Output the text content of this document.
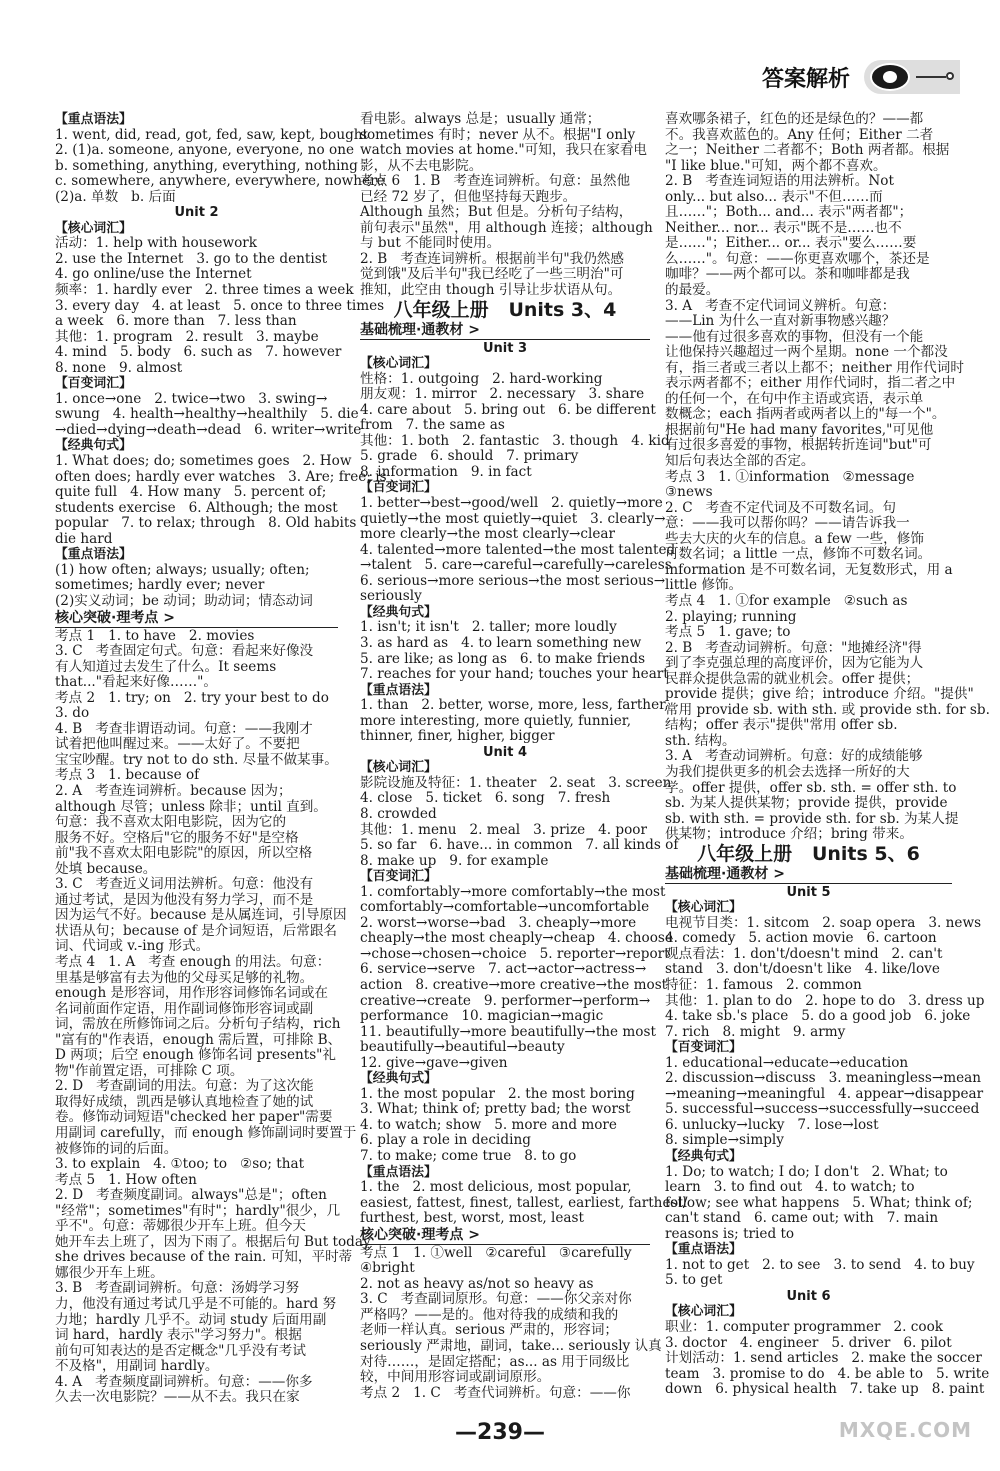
答案解析
【重点语法】
1. went, did, read, got, fed, saw, kept, bought
2. (1)a. someone, anyone, everyone, no one
b. something, anything, everything, nothing
c. somewhere, anywhere, everywhere, nowhere
(2)a. 单数   b. 后面
Unit 2
【核心词汇】
活动：1. help with housework
2. use the Internet   3. go to the dentist
4. go online/use the Internet
频率：1. hardly ever   2. three times a week
3. every day   4. at least   5. once to three times
a week   6. more than   7. less than
其他：1. program   2. result   3. maybe
4. mind   5. body   6. such as   7. however
8. none   9. almost
【百变词汇】
1. once→one   2. twice→two   3. swing→
swung   4. health→healthy→healthily   5. die
→died→dying→death→dead   6. writer→write
【经典句式】
1. What does; do; sometimes goes   2. How
often does; hardly ever watches   3. Are; free; is
quite full   4. How many   5. percent of;
students exercise   6. Although; the most
popular   7. to relax; through   8. Old habits
die hard
【重点语法】
(1) how often; always; usually; often;
sometimes; hardly ever; never
(2)实义动词；be 动词；助动词；情态动词
核心突破·理考点 >
考点 1   1. to have   2. movies
3. C   考查固定句式。句意：看起来好像没
有人知道过去发生了什么。It seems
that..."看起来好像……"。
考点 2   1. try; on   2. try your best to do
3. do
4. B   考查非谓语动词。句意：——我刚才
试着把他叫醒过来。——太好了。不要把
宝宝吵醒。try not to do sth. 尽量不做某事。
考点 3   1. because of
2. A   考查连词辨析。because 因为；
although 尽管；unless 除非；until 直到。
句意：我不喜欢太阳电影院，因为它的
服务不好。空格后"它的服务不好"是空格
前"我不喜欢太阳电影院"的原因，所以空格
处填 because。
3. C   考查近义词用法辨析。句意：他没有
通过考试，是因为他没有努力学习，而不是
因为运气不好。because 是从属连词，引导原因
状语从句；because of 是介词短语，后常跟名
词、代词或 v.-ing 形式。
考点 4   1. A   考查 enough 的用法。句意：
里基是够富有去为他的父母买足够的礼物。
enough 是形容词，用作形容词修饰名词或在
名词前面作定语，用作副词修饰形容词或副
词，需放在所修饰词之后。分析句子结构，rich
"富有的"作表语，enough 需后置，可排除 B、
D 两项；后空 enough 修饰名词 presents"礼
物"作前置定语，可排除 C 项。
2. D   考查副词的用法。句意：为了这次能
取得好成绩，凯西是够认真地检查了她的试
卷。修饰动词短语"checked her paper"需要
用副词 carefully，而 enough 修饰副词时要置于
被修饰的词的后面。
3. to explain   4. ①too; to   ②so; that
考点 5   1. How often
2. D   考查频度副词。always"总是"；often
"经常"；sometimes"有时"；hardly"很少，几
乎不"。句意：蒂娜很少开车上班。但今天
她开车去上班了，因为下雨了。根据后句 But today
she drives because of the rain. 可知，平时蒂
娜很少开车上班。
3. B   考查副词辨析。句意：汤姆学习努
力，他没有通过考试几乎是不可能的。hard 努
力地；hardly 几乎不。动词 study 后面用副
词 hard，hardly 表示"学习努力"。根据
前句可知表达的是否定概念"几乎没有考试
不及格"，用副词 hardly。
4. A   考查频度副词辨析。句意：——你多
久去一次电影院？——从不去。我只在家
看电影。always 总是；usually 通常；
sometimes 有时；never 从不。根据"I only
watch movies at home."可知，我只在家看电
影，从不去电影院。
考点 6   1. B   考查连词辨析。句意：虽然他
已经 72 岁了，但他坚持每天跑步。
Although 虽然；But 但是。分析句子结构，
前句表示"虽然"，用 although 连接；although
与 but 不能同时使用。
2. B   考查连词辨析。根据前半句"我仍然感
觉到饿"及后半句"我已经吃了一些三明治"可
推知，此空由 though 引导让步状语从句。
八年级上册   Units 3、4
基础梳理·通教材 >
Unit 3
【核心词汇】
性格：1. outgoing   2. hard-working
朋友观：1. mirror   2. necessary   3. share
4. care about   5. bring out   6. be different
from   7. the same as
其他：1. both   2. fantastic   3. though   4. kid
5. grade   6. should   7. primary
8. information   9. in fact
【百变词汇】
1. better→best→good/well   2. quietly→more
quietly→the most quietly→quiet   3. clearly→
more clearly→the most clearly→clear
4. talented→more talented→the most talented
→talent   5. care→careful→carefully→careless
6. serious→more serious→the most serious→
seriously
【经典句式】
1. isn't; it isn't   2. taller; more loudly
3. as hard as   4. to learn something new
5. are like; as long as   6. to make friends
7. reaches for your hand; touches your heart
【重点语法】
1. than   2. better, worse, more, less, farther,
more interesting, more quietly, funnier,
thinner, finer, higher, bigger
Unit 4
【核心词汇】
影院设施及特征：1. theater   2. seat   3. screen
4. close   5. ticket   6. song   7. fresh
8. crowded
其他：1. menu   2. meal   3. prize   4. poor
5. so far   6. have... in common   7. all kinds of
8. make up   9. for example
【百变词汇】
1. comfortably→more comfortably→the most
comfortably→comfortable→uncomfortable
2. worst→worse→bad   3. cheaply→more
cheaply→the most cheaply→cheap   4. choose
→chose→chosen→choice   5. reporter→report
6. service→serve   7. act→actor→actress→
action   8. creative→more creative→the most
creative→create   9. performer→perform→
performance   10. magician→magic
11. beautifully→more beautifully→the most
beautifully→beautiful→beauty
12. give→gave→given
【经典句式】
1. the most popular   2. the most boring
3. What; think of; pretty bad; the worst
4. to watch; show   5. more and more
6. play a role in deciding
7. to make; come true   8. to go
【重点语法】
1. the   2. most delicious, most popular,
easiest, fattest, finest, tallest, earliest, farthest/
furthest, best, worst, most, least
核心突破·理考点 >
考点 1   1. ①well   ②careful   ③carefully
④bright
2. not as heavy as/not so heavy as
3. C   考查副词原形。句意：——你父亲对你
严格吗？——是的。他对待我的成绩和我的
老师一样认真。serious 严肃的，形容词；
seriously 严肃地，副词，take... seriously 认真
对待……，是固定搭配；as... as 用于同级比
较，中间用形容词或副词原形。
考点 2   1. C   考查代词辨析。句意：——你
喜欢哪条裙子，红色的还是绿色的？——都
不。我喜欢蓝色的。Any 任何；Either 二者
之一；Neither 二者都不；Both 两者都。根据
"I like blue."可知，两个都不喜欢。
2. B   考查连词短语的用法辨析。Not
only... but also... 表示"不但……而
且……"；Both... and... 表示"两者都"；
Neither... nor... 表示"既不是……也不
是……"；Either... or... 表示"要么……要
么……"。句意：——你更喜欢哪个，茶还是
咖啡？——两个都可以。茶和咖啡都是我
的最爱。
3. A   考查不定代词词义辨析。句意：
——Lin 为什么一直对新事物感兴趣？
——他有过很多喜欢的事物，但没有一个能
让他保持兴趣超过一两个星期。none 一个都没
有，指三者或三者以上都不；neither 用作代词时
表示两者都不；either 用作代词时，指二者之中
的任何一个，在句中作主语或宾语，表示单
数概念；each 指两者或两者以上的"每一个"。
根据前句"He had many favorites,"可见他
有过很多喜爱的事物，根据转折连词"but"可
知后句表达全部的否定。
考点 3   1. ①information   ②message
③news
2. C   考查不定代词及不可数名词。句
意：——我可以帮你吗？——请告诉我一
些去大庆的火车的信息。a few 一些，修饰
可数名词；a little 一点，修饰不可数名词。
information 是不可数名词，无复数形式，用 a
little 修饰。
考点 4   1. ①for example   ②such as
2. playing; running
考点 5   1. gave; to
2. B   考查动词辨析。句意："地摊经济"得
到了李克强总理的高度评价，因为它能为人
民群众提供急需的就业机会。offer 提供；
provide 提供；give 给；introduce 介绍。"提供"
常用 provide sb. with sth. 或 provide sth. for sb.
结构；offer 表示"提供"常用 offer sb.
sth. 结构。
3. A   考查动词辨析。句意：好的成绩能够
为我们提供更多的机会去选择一所好的大
学。offer 提供，offer sb. sth. = offer sth. to
sb. 为某人提供某物；provide 提供，provide
sb. with sth. = provide sth. for sb. 为某人提
供某物；introduce 介绍；bring 带来。
八年级上册   Units 5、6
基础梳理·通教材 >
Unit 5
【核心词汇】
电视节目类：1. sitcom   2. soap opera   3. news
4. comedy   5. action movie   6. cartoon
观点看法：1. don't/doesn't mind   2. can't
stand   3. don't/doesn't like   4. like/love
特征：1. famous   2. common
其他：1. plan to do   2. hope to do   3. dress up
4. take sb.'s place   5. do a good job   6. joke
7. rich   8. might   9. army
【百变词汇】
1. educational→educate→education
2. discussion→discuss   3. meaningless→mean
→meaning→meaningful   4. appear→disappear
5. successful→success→successfully→succeed
6. unlucky→lucky   7. lose→lost
8. simple→simply
【经典句式】
1. Do; to watch; I do; I don't   2. What; to
learn   3. to find out   4. to watch; to
follow; see what happens   5. What; think of;
can't stand   6. came out; with   7. main
reasons is; tried to
【重点语法】
1. not to get   2. to see   3. to send   4. to buy
5. to get
Unit 6
【核心词汇】
职业：1. computer programmer   2. cook
3. doctor   4. engineer   5. driver   6. pilot
计划活动：1. send articles   2. make the soccer
team   3. promise to do   4. be able to   5. write
down   6. physical health   7. take up   8. paint
—239—	MXQE.COM
